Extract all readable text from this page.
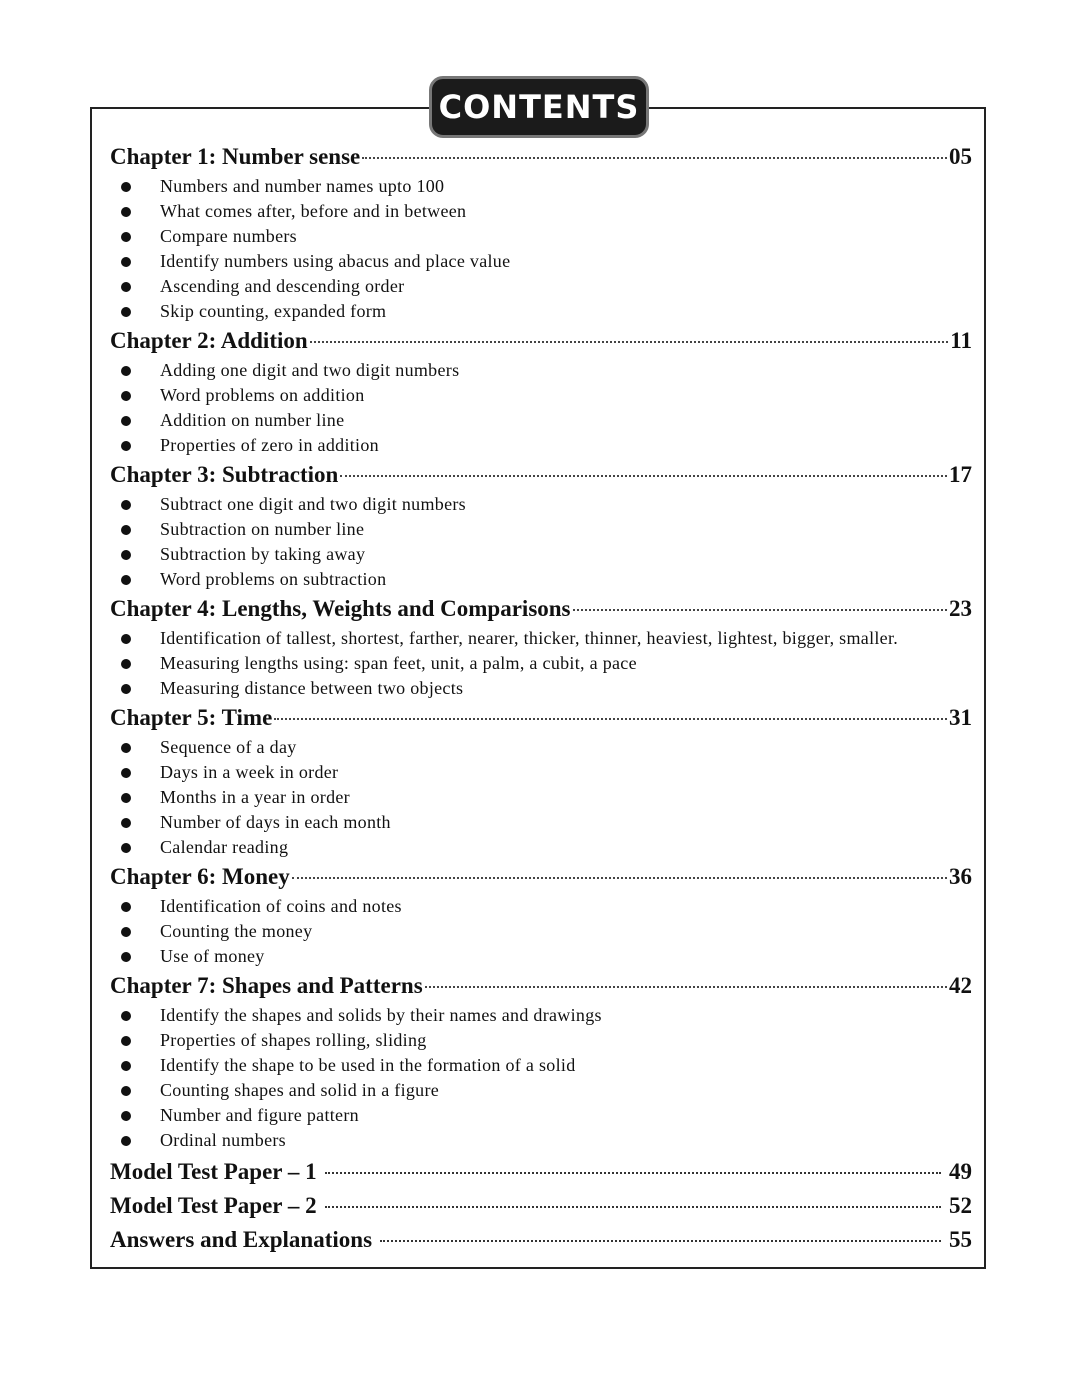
CONTENTS
Chapter 1: Number sense	05
Numbers and number names upto 100
What comes after, before and in between
Compare numbers
Identify numbers using abacus and place value
Ascending and descending order
Skip counting, expanded form
Chapter 2: Addition	11
Adding one digit and two digit numbers
Word problems on addition
Addition on number line
Properties of zero in addition
Chapter 3: Subtraction	17
Subtract one digit and two digit numbers
Subtraction on number line
Subtraction by taking away
Word problems on subtraction
Chapter 4: Lengths, Weights and Comparisons	23
Identification of tallest, shortest, farther, nearer, thicker, thinner, heaviest, lightest, bigger, smaller.
Measuring lengths using: span feet, unit, a palm, a cubit, a pace
Measuring distance between two objects
Chapter 5: Time	31
Sequence of a day
Days in a week in order
Months in a year in order
Number of days in each month
Calendar reading
Chapter 6: Money	36
Identification of coins and notes
Counting the money
Use of money
Chapter 7: Shapes and Patterns	42
Identify the shapes and solids by their names and drawings
Properties of shapes rolling, sliding
Identify the shape to be used in the formation of a solid
Counting shapes and solid in a figure
Number and figure pattern
Ordinal numbers
Model Test Paper – 1	49
Model Test Paper – 2	52
Answers and Explanations	55
